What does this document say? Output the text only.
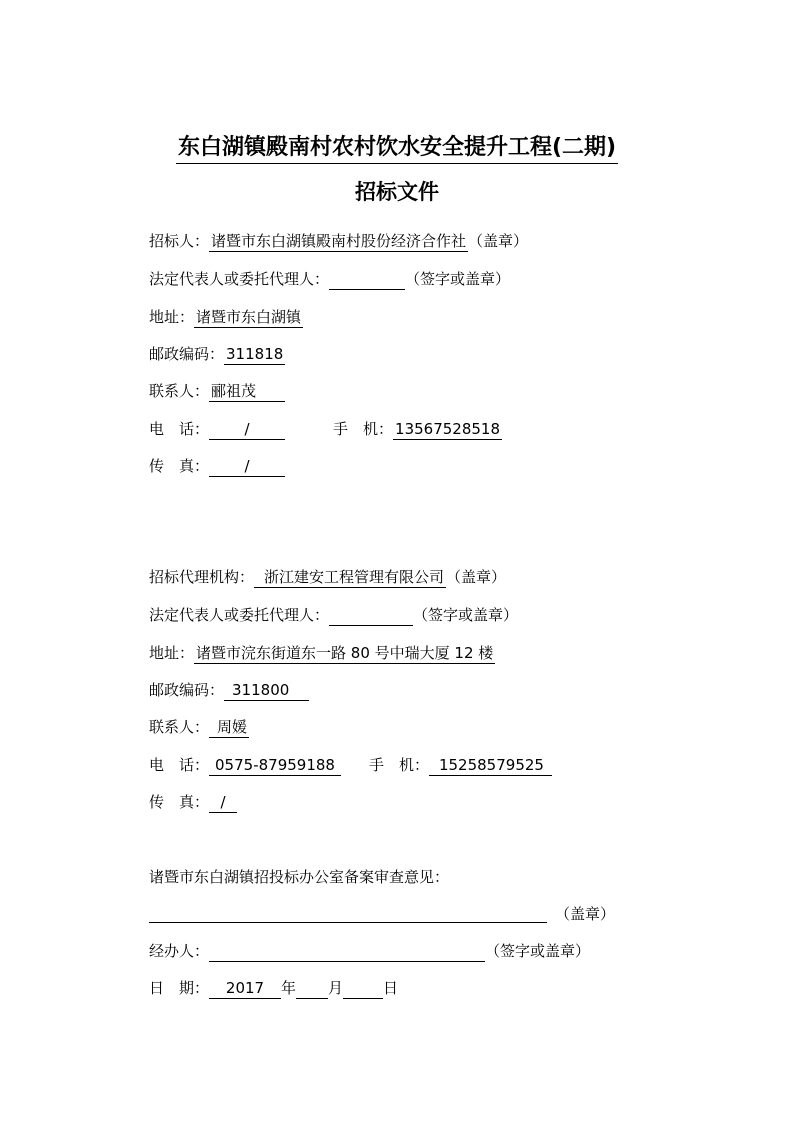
东白湖镇殿南村农村饮水安全提升工程(二期)
招标文件
招标人： 诸暨市东白湖镇殿南村股份经济合作社 （盖章）
法定代表人或委托代理人：	（签字或盖章）
地址： 诸暨市东白湖镇
邮政编码： 311818
联系人： 郦祖茂
电　话： /	手　机： 13567528518
传　真： /
招标代理机构： 浙江建安工程管理有限公司 （盖章）
法定代表人或委托代理人：	（签字或盖章）
地址： 诸暨市浣东街道东一路 80 号中瑞大厦 12 楼
邮政编码： 311800
联系人： 周媛
电　话： 0575-87959188 手　机： 15258579525
传　真： /
诸暨市东白湖镇招投标办公室备案审查意见：
（盖章）
经办人：	（签字或盖章）
日　期： 2017 年 月	日
